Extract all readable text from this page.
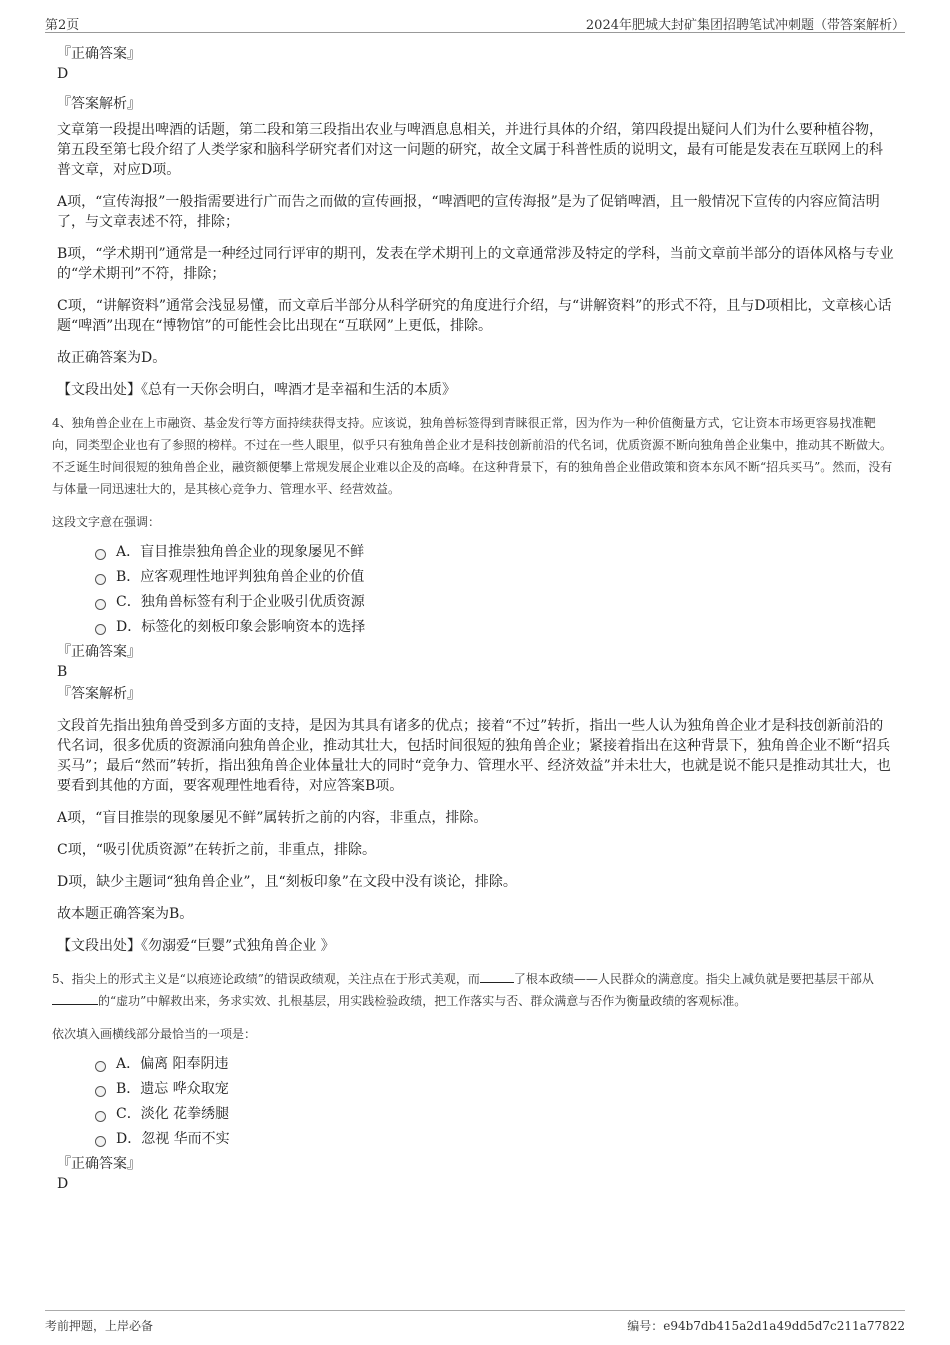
第2页	2024年肥城大封矿集团招聘笔试冲刺题（带答案解析）
『正确答案』
D
『答案解析』
文章第一段提出啤酒的话题，第二段和第三段指出农业与啤酒息息相关，并进行具体的介绍，第四段提出疑问人们为什么要种植谷物，第五段至第七段介绍了人类学家和脑科学研究者们对这一问题的研究，故全文属于科普性质的说明文，最有可能是发表在互联网上的科普文章，对应D项。
A项，“宣传海报”一般指需要进行广而告之而做的宣传画报，“啤酒吧的宣传海报”是为了促销啤酒，且一般情况下宣传的内容应简洁明了，与文章表述不符，排除；
B项，“学术期刊”通常是一种经过同行评审的期刊，发表在学术期刊上的文章通常涉及特定的学科，当前文章前半部分的语体风格与专业的“学术期刊”不符，排除；
C项，“讲解资料”通常会浅显易懂，而文章后半部分从科学研究的角度进行介绍，与“讲解资料”的形式不符，且与D项相比，文章核心话题“啤酒”出现在“博物馆”的可能性会比出现在“互联网”上更低，排除。
故正确答案为D。
【文段出处】《总有一天你会明白，啤酒才是幸福和生活的本质》
4、独角兽企业在上市融资、基金发行等方面持续获得支持。应该说，独角兽标签得到青睐很正常，因为作为一种价值衡量方式，它让资本市场更容易找准靶向，同类型企业也有了参照的榜样。不过在一些人眼里，似乎只有独角兽企业才是科技创新前沿的代名词，优质资源不断向独角兽企业集中，推动其不断做大。不乏诞生时间很短的独角兽企业，融资额便攀上常规发展企业难以企及的高峰。在这种背景下，有的独角兽企业借政策和资本东风不断“招兵买马”。然而，没有与体量一同迅速壮大的，是其核心竞争力、管理水平、经营效益。
这段文字意在强调：
A．盲目推崇独角兽企业的现象屡见不鲜
B．应客观理性地评判独角兽企业的价值
C．独角兽标签有利于企业吸引优质资源
D．标签化的刻板印象会影响资本的选择
『正确答案』
B
『答案解析』
文段首先指出独角兽受到多方面的支持，是因为其具有诸多的优点；接着“不过”转折，指出一些人认为独角兽企业才是科技创新前沿的代名词，很多优质的资源涌向独角兽企业，推动其壮大，包括时间很短的独角兽企业；紧接着指出在这种背景下，独角兽企业不断“招兵买马”；最后“然而”转折，指出独角兽企业体量壮大的同时“竞争力、管理水平、经济效益”并未壮大，也就是说不能只是推动其壮大，也要看到其他的方面，要客观理性地看待，对应答案B项。
A项，“盲目推崇的现象屡见不鲜”属转折之前的内容，非重点，排除。
C项，“吸引优质资源”在转折之前，非重点，排除。
D项，缺少主题词“独角兽企业”，且“刻板印象”在文段中没有谈论，排除。
故本题正确答案为B。
【文段出处】《勿溺爱“巨婴”式独角兽企业 》
5、指尖上的形式主义是“以痕迹论政绩”的错误政绩观，关注点在于形式美观，而	了根本政绩——人民群众的满意度。指尖上减负就是要把基层干部从的“虚功”中解救出来，务求实效、扎根基层，用实践检验政绩，把工作落实与否、群众满意与否作为衡量政绩的客观标准。
依次填入画横线部分最恰当的一项是：
A．偏离 阳奉阴违
B．遗忘 哗众取宠
C．淡化 花拳绣腿
D．忽视 华而不实
『正确答案』
D
考前押题，上岸必备	编号：e94b7db415a2d1a49dd5d7c211a77822
